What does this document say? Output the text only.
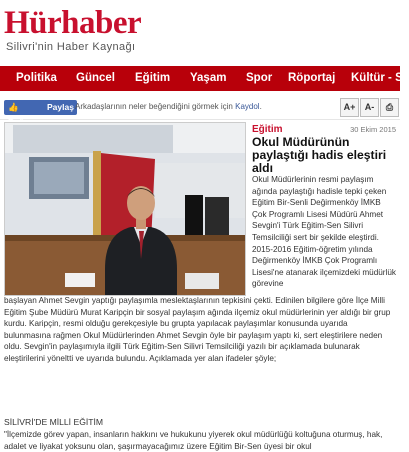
Hürhaber
Silivri'nin Haber Kaynağı
Politika Güncel Eğitim Yaşam Spor Röportaj Kültür - Sa
👍	Paylaş Arkadaşlarının neler beğendiğini görmek için Kaydol.	A+	A-	⎙
Eğitim	30 Ekim 2015
Okul Müdürünün paylaştığı hadis eleştiri aldı
Okul Müdürlerinin resmi paylaşım ağında paylaştığı hadisle tepki çeken Eğitim Bir-Senli Değirmenköy İMKB Çok Programlı Lisesi Müdürü Ahmet Sevgin'i Türk Eğitim-Sen Silivri Temsilciliği sert bir şekilde eleştirdi. 2015-2016 Eğitim-öğretim yılında Değirmenköy İMKB Çok Programlı Lisesi'ne atanarak ilçemizdeki müdürlük görevine
başlayan Ahmet Sevgin yaptığı paylaşımla meslektaşlarının tepkisini çekti. Edinilen bilgilere göre İlçe Milli Eğitim Şube Müdürü Murat Karipçin bir sosyal paylaşım ağında ilçemiz okul müdürlerinin yer aldığı bir grup kurdu. Karipçin, resmi olduğu gerekçesiyle bu grupta yapılacak paylaşımlar konusunda uyarıda bulunmasına rağmen Okul Müdürlerinden Ahmet Sevgin öyle bir paylaşım yaptı ki, sert eleştirilere neden oldu. Sevgin'in paylaşımıyla ilgili Türk Eğitim-Sen Silivri Temsilciliği yazılı bir açıklamada bulunarak eleştirilerini yöneltti ve uyarıda bulundu. Açıklamada yer alan ifadeler şöyle;
SİLİVRİ'DE MİLLİ EĞİTİM
"İlçemizde görev yapan, insanların hakkını ve hukukunu yiyerek okul müdürlüğü koltuğuna oturmuş, hak, adalet ve liyakat yoksunu olan, şaşırmayacağımız üzere Eğitim Bir-Sen üyesi bir okul
